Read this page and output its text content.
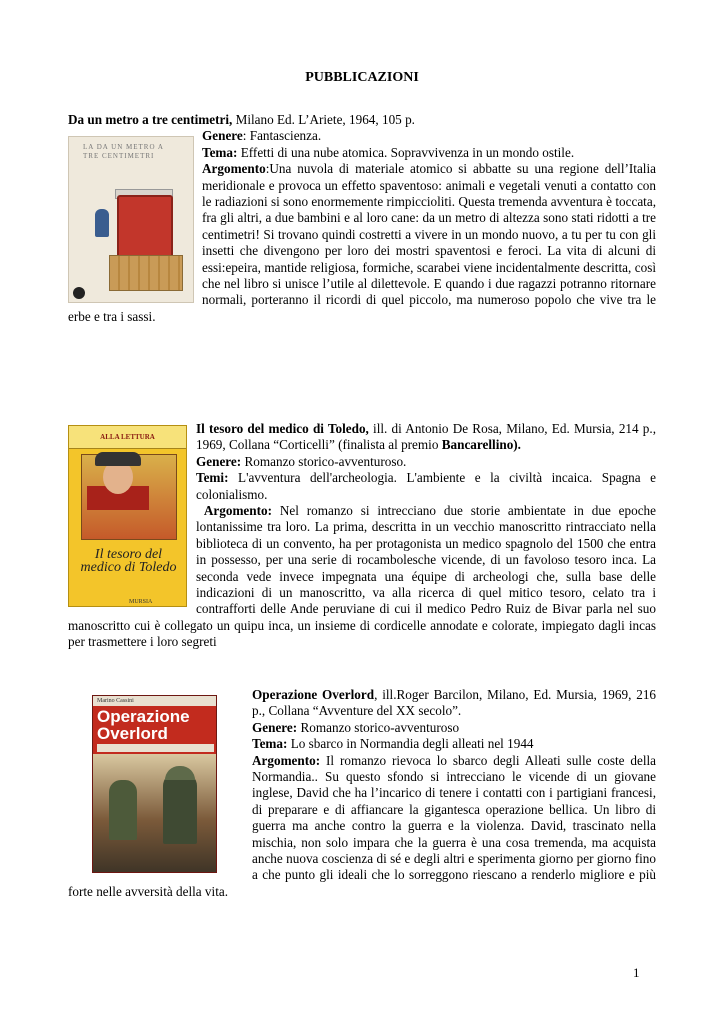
PUBBLICAZIONI

Da un metro a tre centimetri, Milano Ed. L’Ariete, 1964, 105 p.

LA DA UN METRO A TRE CENTIMETRI

Genere: Fantascienza.

Tema: Effetti di una nube atomica. Sopravvivenza in un mondo ostile.

Argomento:Una nuvola di materiale atomico si abbatte su una regione dell’Italia meridionale e provoca un effetto spaventoso: animali e vegetali venuti a contatto con le radiazioni si sono enormemente rimpiccioliti. Questa tremenda avventura è toccata, fra gli altri, a due bambini e al loro cane: da un metro di altezza sono stati ridotti a tre centimetri! Si trovano quindi costretti a vivere in un mondo nuovo, a tu per tu con gli insetti che divengono per loro dei mostri spaventosi e feroci. La vita di alcuni di essi:epeira, mantide religiosa, formiche, scarabei viene incidentalmente descritta, così che nel libro si unisce l’utile al dilettevole. E quando i due ragazzi potranno ritornare normali, porteranno il ricordi di quel piccolo, ma numeroso popolo che vive tra le erbe e tra i sassi.

ALLA LETTURA
Il tesoro del medico di Toledo
MURSIA

Il tesoro del medico di Toledo, ill. di Antonio De Rosa, Milano, Ed. Mursia, 214 p., 1969, Collana “Corticelli” (finalista al premio Bancarellino).

Genere: Romanzo storico-avventuroso.

Temi: L'avventura dell'archeologia. L'ambiente e la civiltà incaica. Spagna e colonialismo.

Argomento: Nel romanzo si intrecciano due storie ambientate in due epoche lontanissime tra loro. La prima, descritta in un vecchio manoscritto rintracciato nella biblioteca di un convento, ha per protagonista un medico spagnolo del 1500 che entra in possesso, per una serie di rocambolesche vicende, di un favoloso tesoro inca. La seconda vede invece impegnata una équipe di archeologi che, sulla base delle indicazioni di un manoscritto, va alla ricerca di quel mitico tesoro, celato tra i contrafforti delle Ande peruviane di cui il medico Pedro Ruiz de Bivar parla nel suo manoscritto cui è collegato un quipu inca, un insieme di cordicelle annodate e colorate, impiegato dagli incas per trasmettere i loro segreti

Marino Cassini
Operazione Overlord

Operazione Overlord, ill.Roger Barcilon, Milano, Ed. Mursia, 1969, 216 p., Collana “Avventure del XX secolo”.

Genere: Romanzo storico-avventuroso

Tema: Lo sbarco in Normandia degli alleati nel 1944

Argomento: Il romanzo rievoca lo sbarco degli Alleati sulle coste della Normandia.. Su questo sfondo si intrecciano le vicende di un giovane inglese, David che ha l’incarico di tenere i contatti con i partigiani francesi, di preparare e di affiancare la gigantesca operazione bellica. Un libro di guerra ma anche contro la guerra e la violenza. David, trascinato nella mischia, non solo impara che la guerra è una cosa tremenda, ma acquista anche nuova coscienza di sé e degli altri e sperimenta giorno per giorno fino a che punto gli ideali che lo sorreggono riescano a renderlo migliore e più forte nelle avversità della vita.

1
